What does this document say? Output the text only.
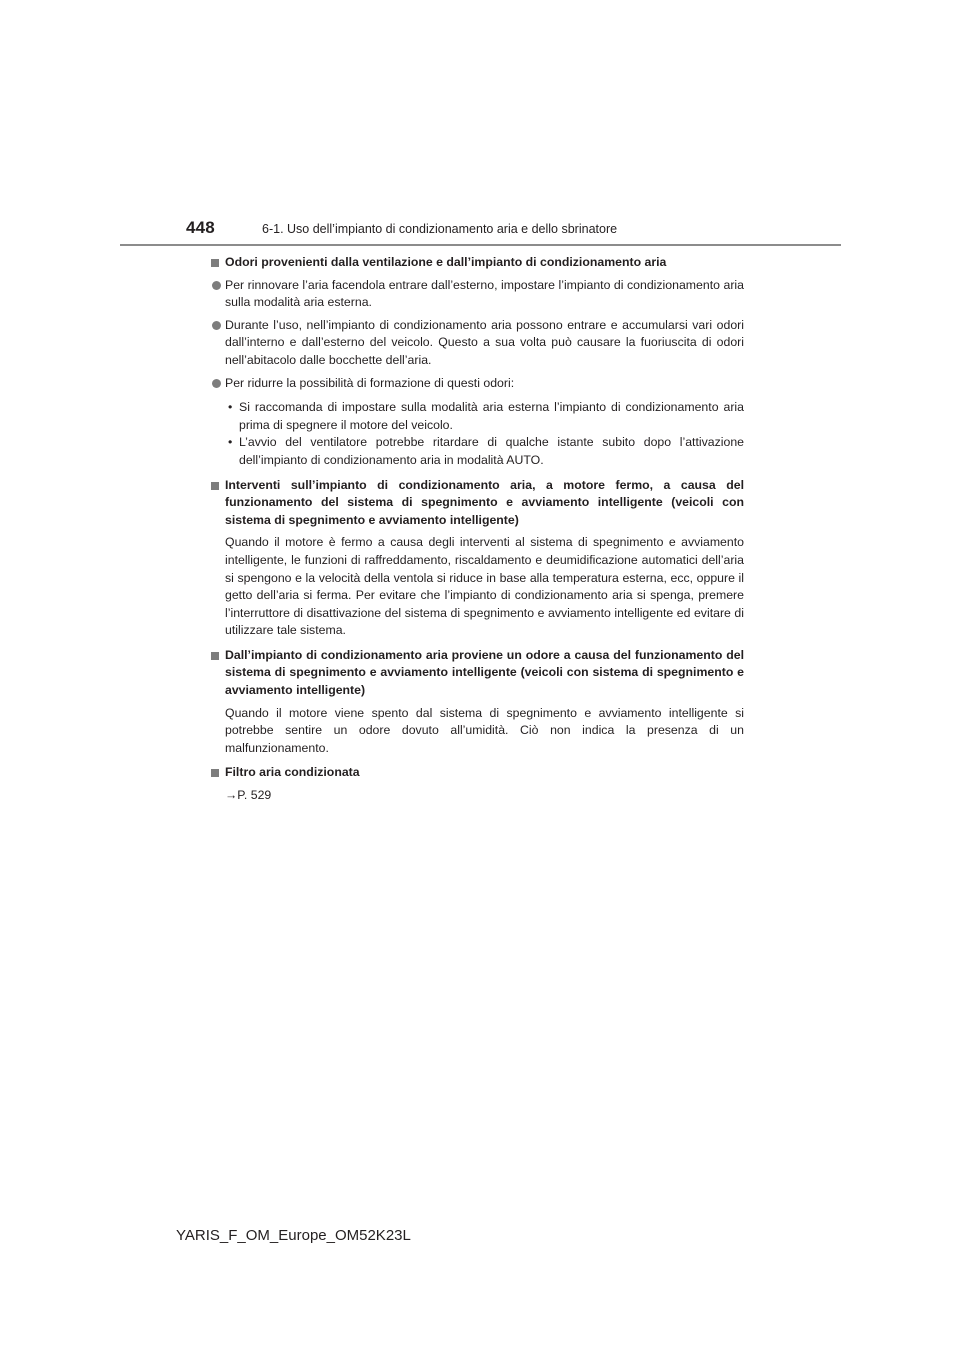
448	6-1. Uso dell’impianto di condizionamento aria e dello sbrinatore
Odori provenienti dalla ventilazione e dall’impianto di condizionamento aria
Per rinnovare l’aria facendola entrare dall’esterno, impostare l’impianto di condizionamento aria sulla modalità aria esterna.
Durante l’uso, nell’impianto di condizionamento aria possono entrare e accumularsi vari odori dall’interno e dall’esterno del veicolo. Questo a sua volta può causare la fuoriuscita di odori nell’abitacolo dalle bocchette dell’aria.
Per ridurre la possibilità di formazione di questi odori:
• Si raccomanda di impostare sulla modalità aria esterna l’impianto di condizionamento aria prima di spegnere il motore del veicolo.
• L’avvio del ventilatore potrebbe ritardare di qualche istante subito dopo l’attivazione dell’impianto di condizionamento aria in modalità AUTO.
Interventi sull’impianto di condizionamento aria, a motore fermo, a causa del funzionamento del sistema di spegnimento e avviamento intelligente (veicoli con sistema di spegnimento e avviamento intelligente)
Quando il motore è fermo a causa degli interventi al sistema di spegnimento e avviamento intelligente, le funzioni di raffreddamento, riscaldamento e deumidificazione automatici dell’aria si spengono e la velocità della ventola si riduce in base alla temperatura esterna, ecc, oppure il getto dell’aria si ferma. Per evitare che l’impianto di condizionamento aria si spenga, premere l’interruttore di disattivazione del sistema di spegnimento e avviamento intelligente ed evitare di utilizzare tale sistema.
Dall’impianto di condizionamento aria proviene un odore a causa del funzionamento del sistema di spegnimento e avviamento intelligente (veicoli con sistema di spegnimento e avviamento intelligente)
Quando il motore viene spento dal sistema di spegnimento e avviamento intelligente si potrebbe sentire un odore dovuto all’umidità. Ciò non indica la presenza di un malfunzionamento.
Filtro aria condizionata
→P. 529
YARIS_F_OM_Europe_OM52K23L
